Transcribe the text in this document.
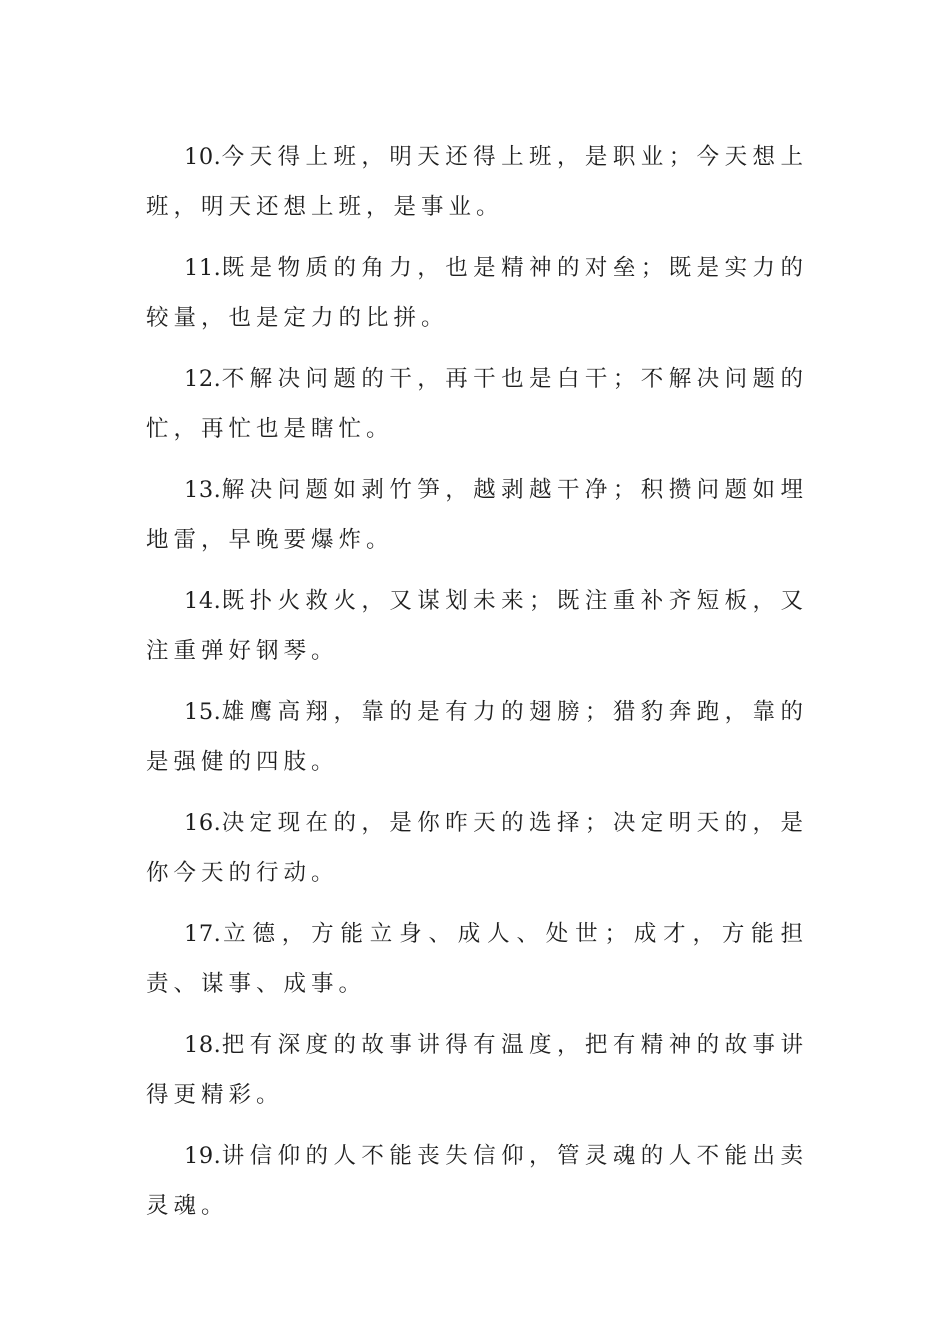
10.今天得上班，明天还得上班，是职业；今天想上班，明天还想上班，是事业。

11.既是物质的角力，也是精神的对垒；既是实力的较量，也是定力的比拼。

12.不解决问题的干，再干也是白干；不解决问题的忙，再忙也是瞎忙。

13.解决问题如剥竹笋，越剥越干净；积攒问题如埋地雷，早晚要爆炸。

14.既扑火救火，又谋划未来；既注重补齐短板，又注重弹好钢琴。

15.雄鹰高翔，靠的是有力的翅膀；猎豹奔跑，靠的是强健的四肢。

16.决定现在的，是你昨天的选择；决定明天的，是你今天的行动。

17.立德，方能立身、成人、处世；成才，方能担责、谋事、成事。

18.把有深度的故事讲得有温度，把有精神的故事讲得更精彩。

19.讲信仰的人不能丧失信仰，管灵魂的人不能出卖灵魂。
